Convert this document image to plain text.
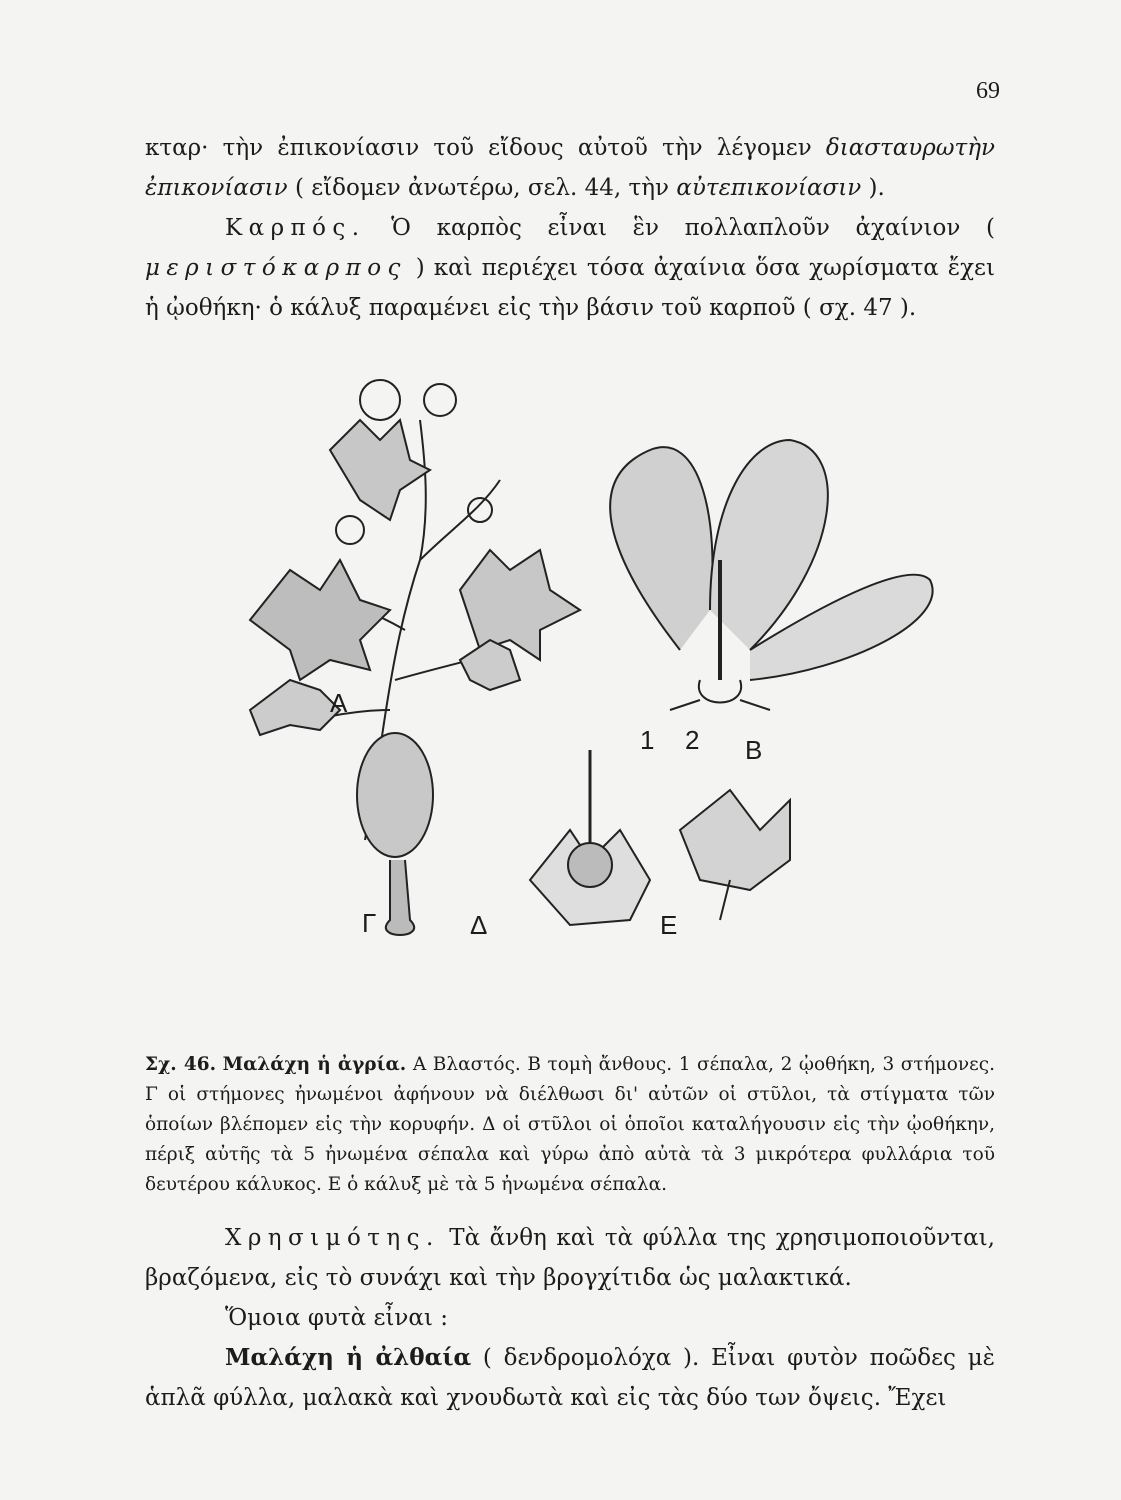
69

κταρ· τὴν ἐπικονίασιν τοῦ εἴδους αὐτοῦ τὴν λέγομεν διασταυρωτὴν ἐπικονίασιν ( εἴδομεν ἀνωτέρω, σελ. 44, τὴν αὐτεπικονίασιν ).

Καρπός. Ὁ καρπὸς εἶναι ἓν πολλαπλοῦν ἀχαίνιον ( μεριστόκαρπος ) καὶ περιέχει τόσα ἀχαίνια ὅσα χωρίσματα ἔχει ἡ ᾠοθήκη· ὁ κάλυξ παραμένει εἰς τὴν βάσιν τοῦ καρποῦ ( σχ. 47 ).

Α
1 2 Β
Γ	Δ	Ε

Σχ. 46. Μαλάχη ἡ ἀγρία. Α Βλαστός. Β τομὴ ἄνθους. 1 σέπαλα, 2 ᾠοθήκη, 3 στήμονες. Γ οἱ στήμονες ἠνωμένοι ἀφήνουν νὰ διέλθωσι δι' αὐτῶν οἱ στῦλοι, τὰ στίγματα τῶν ὁποίων βλέπομεν εἰς τὴν κορυφήν. Δ οἱ στῦλοι οἱ ὁποῖοι καταλήγουσιν εἰς τὴν ᾠοθήκην, πέριξ αὐτῆς τὰ 5 ἠνωμένα σέπαλα καὶ γύρω ἀπὸ αὐτὰ τὰ 3 μικρότερα φυλλάρια τοῦ δευτέρου κάλυκος. Ε ὁ κάλυξ μὲ τὰ 5 ἠνωμένα σέπαλα.

Χρησιμότης. Τὰ ἄνθη καὶ τὰ φύλλα της χρησιμοποιοῦνται, βραζόμενα, εἰς τὸ συνάχι καὶ τὴν βρογχίτιδα ὡς μαλακτικά.

Ὅμοια φυτὰ εἶναι :

Μαλάχη ἡ ἀλθαία ( δενδρομολόχα ). Εἶναι φυτὸν ποῶδες μὲ ἁπλᾶ φύλλα, μαλακὰ καὶ χνουδωτὰ καὶ εἰς τὰς δύο των ὄψεις. Ἔχει
